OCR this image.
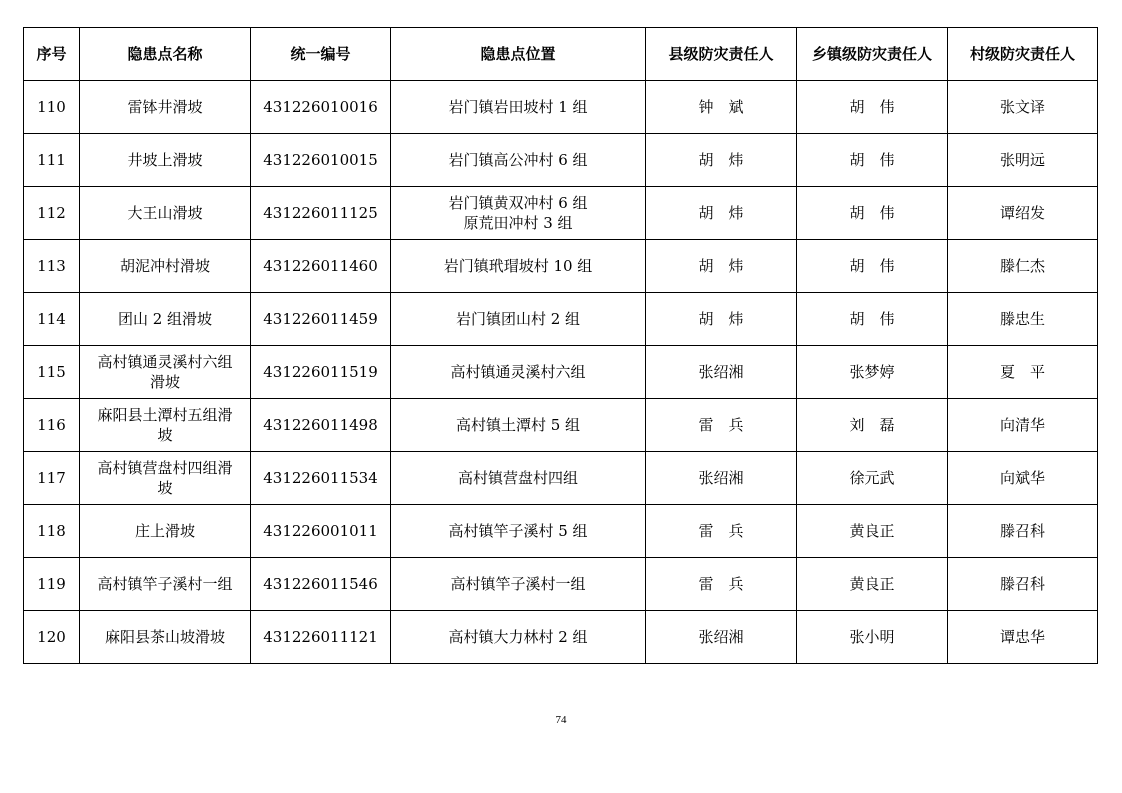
序号	隐患点名称	统一编号	隐患点位置	县级防灾责任人	乡镇级防灾责任人	村级防灾责任人

110	雷钵井滑坡	431226010016	岩门镇岩田坡村 1 组	钟　斌	胡　伟	张文译

111	井坡上滑坡	431226010015	岩门镇高公冲村 6 组	胡　炜	胡　伟	张明远

112	大王山滑坡	431226011125	岩门镇黄双冲村 6 组
原荒田冲村 3 组	胡　炜	胡　伟	谭绍发

113	胡泥冲村滑坡	431226011460	岩门镇玳瑁坡村 10 组	胡　炜	胡　伟	滕仁杰

114	团山 2 组滑坡	431226011459	岩门镇团山村 2 组	胡　炜	胡　伟	滕忠生

115	高村镇通灵溪村六组
滑坡	431226011519	高村镇通灵溪村六组	张绍湘	张梦婷	夏　平

116	麻阳县土潭村五组滑
坡	431226011498	高村镇土潭村 5 组	雷　兵	刘　磊	向清华

117	高村镇营盘村四组滑
坡	431226011534	高村镇营盘村四组	张绍湘	徐元武	向斌华

118	庄上滑坡	431226001011	高村镇竿子溪村 5 组	雷　兵	黄良正	滕召科

119	高村镇竿子溪村一组	431226011546	高村镇竿子溪村一组	雷　兵	黄良正	滕召科

120	麻阳县茶山坡滑坡	431226011121	高村镇大力林村 2 组	张绍湘	张小明	谭忠华
74
